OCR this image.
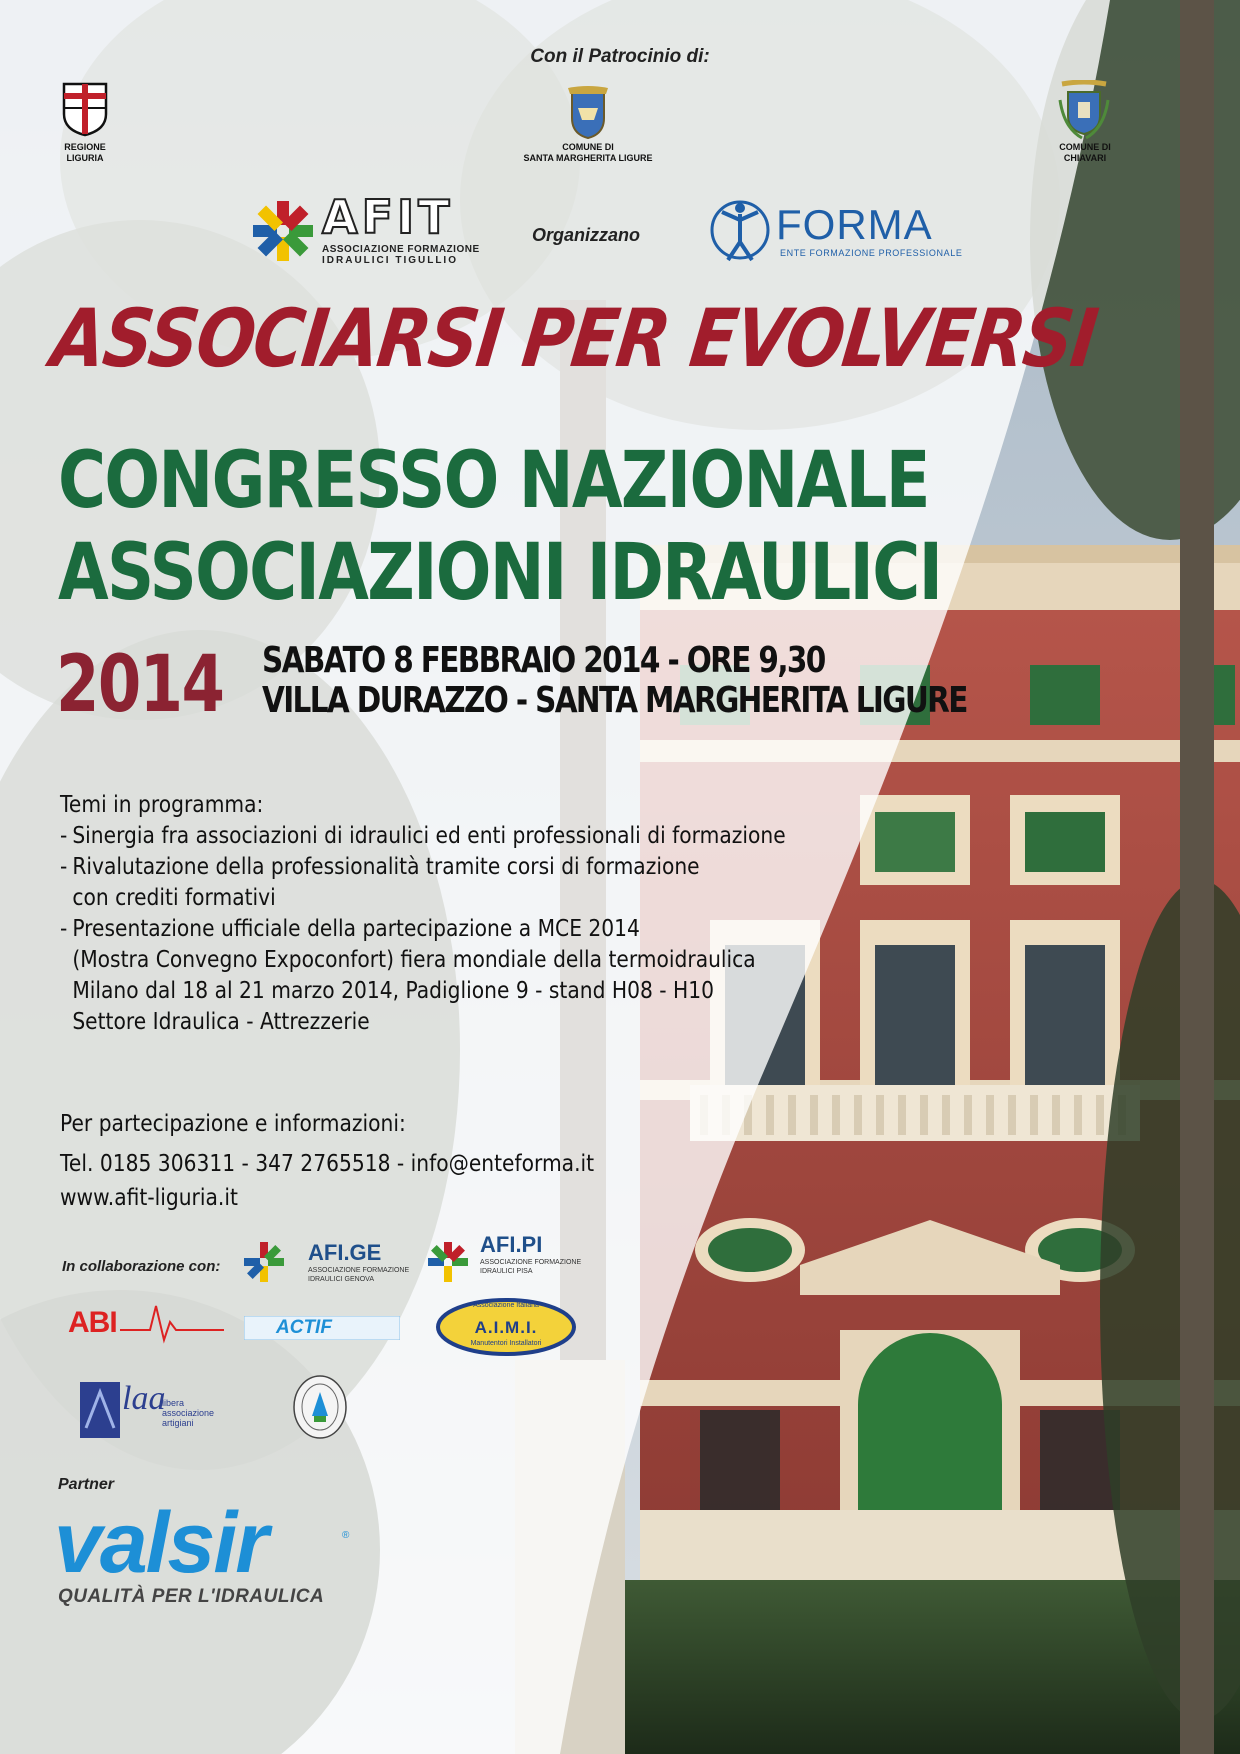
Con il Patrocinio di:
REGIONE
LIGURIA
COMUNE DI
SANTA MARGHERITA LIGURE
COMUNE DI
CHIAVARI
AFIT
ASSOCIAZIONE FORMAZIONE
IDRAULICI TIGULLIO
Organizzano	FORMA
ENTE FORMAZIONE PROFESSIONALE
ASSOCIARSI PER EVOLVERSI
CONGRESSO NAZIONALE
ASSOCIAZIONI IDRAULICI
2014 SABATO 8 FEBBRAIO 2014 - ORE 9,30
VILLA DURAZZO - SANTA MARGHERITA LIGURE
Temi in programma:
- Sinergia fra associazioni di idraulici ed enti professionali di formazione
- Rivalutazione della professionalità tramite corsi di formazione
con crediti formativi
- Presentazione ufficiale della partecipazione a MCE 2014
(Mostra Convegno Expoconfort) fiera mondiale della termoidraulica
Milano dal 18 al 21 marzo 2014, Padiglione 9 - stand H08 - H10
Settore Idraulica - Attrezzerie
Per partecipazione e informazioni:
Tel. 0185 306311 - 347 2765518 - info@enteforma.it
www.afit-liguria.it
In collaborazione con:
AFI.GE
ASSOCIAZIONE FORMAZIONE
IDRAULICI GENOVA
AFI.PI
ASSOCIAZIONE FORMAZIONE
IDRAULICI PISA
ABI	ACTIF	A.I.M.I.
Associazione Italiana
Manutentori Installatori
laa
libera
associazione
artigiani
Partner
valsir	®
QUALITÀ PER L'IDRAULICA
